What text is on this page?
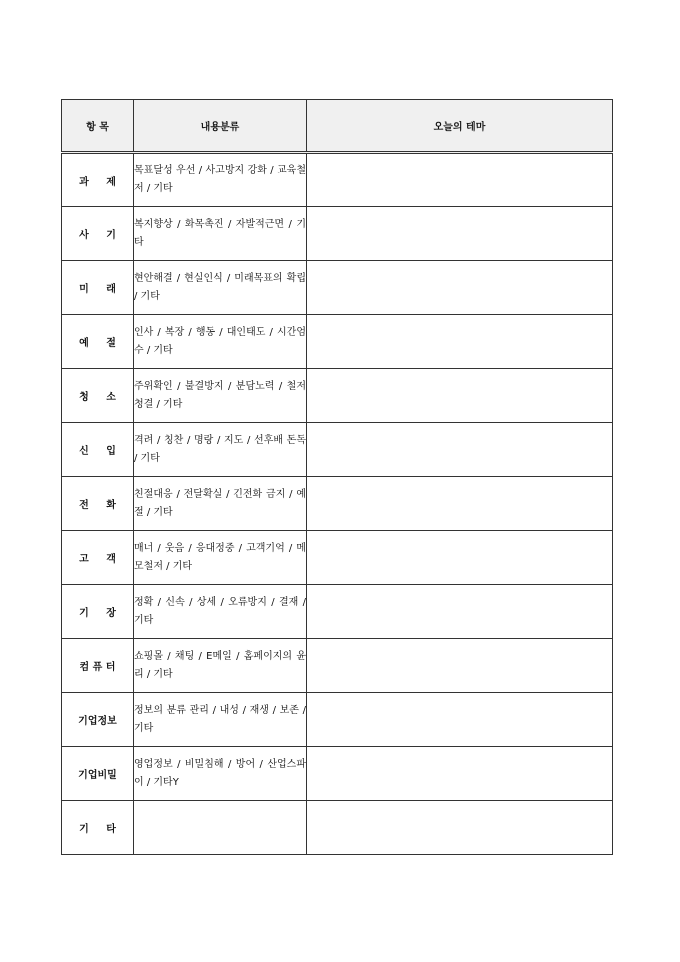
항 목	내용분류	오늘의 테마
과     제	목표달성 우선 / 사고방지 강화 / 교육철저 / 기타	
사     기	복지향상 / 화목촉진 / 자발적근면 / 기타	
미     래	현안해결 / 현실인식 / 미래목표의 확립 / 기타	
예     절	인사 / 복장 / 행동 / 대인태도 / 시간엄수 / 기타	
청     소	주위확인 / 불결방지 / 분담노력 / 철저청결 / 기타	
신     입	격려 / 칭찬 / 명랑 / 지도 / 선후배 돈독 / 기타	
전     화	친절대응 / 전달확실 / 긴전화 금지 / 예절 / 기타	
고     객	매너 / 웃음 / 응대정중 / 고객기억 / 메모철저 / 기타	
기     장	정확 / 신속 / 상세 / 오류방지 / 결재 / 기타	
컴 퓨 터	쇼핑몰 / 채팅 / E메일 / 홈페이지의 윤리 / 기타	
기업정보	정보의 분류 관리 / 내성 / 재생 / 보존 / 기타	
기업비밀	영업정보 / 비밀침해 / 방어 / 산업스파이 / 기타Y	
기     타		
